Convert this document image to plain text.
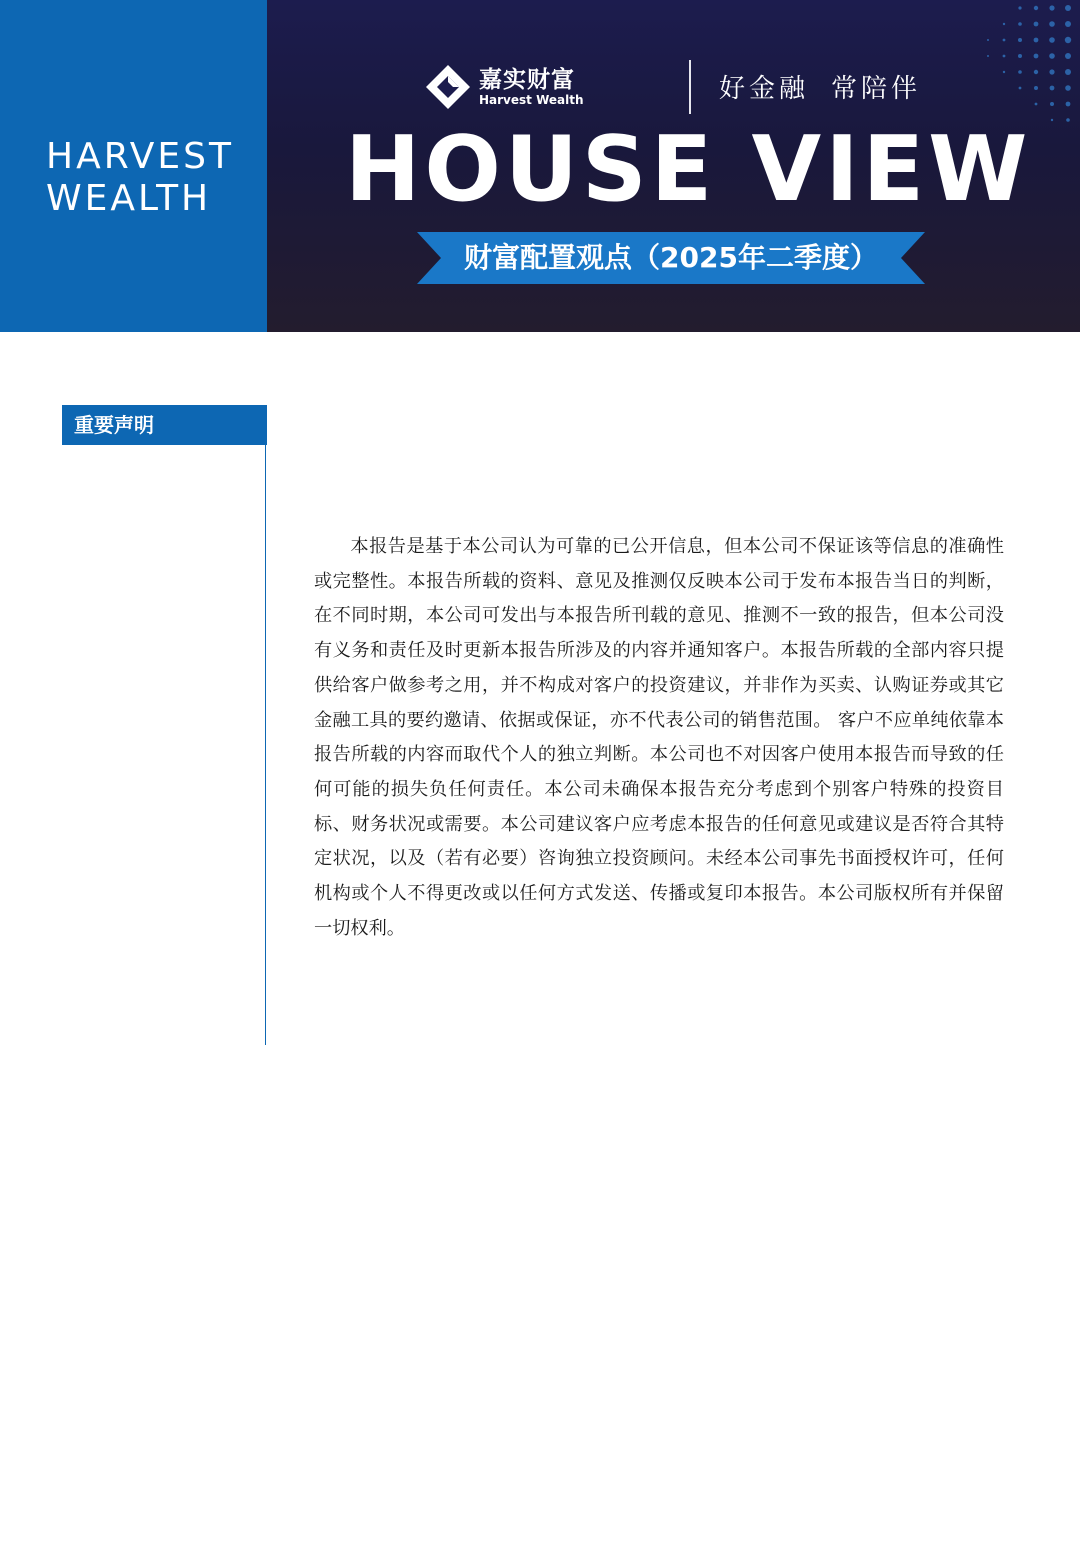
HARVEST WEALTH
嘉实财富
Harvest Wealth	好金融 常陪伴
HOUSE VIEW
财富配置观点（2025年二季度）
重要声明

本报告是基于本公司认为可靠的已公开信息，但本公司不保证该等信息的准确性或完整性。本报告所载的资料、意见及推测仅反映本公司于发布本报告当日的判断，在不同时期，本公司可发出与本报告所刊载的意见、推测不一致的报告，但本公司没有义务和责任及时更新本报告所涉及的内容并通知客户。本报告所载的全部内容只提供给客户做参考之用，并不构成对客户的投资建议，并非作为买卖、认购证券或其它金融工具的要约邀请、依据或保证，亦不代表公司的销售范围。 客户不应单纯依靠本报告所载的内容而取代个人的独立判断。本公司也不对因客户使用本报告而导致的任何可能的损失负任何责任。本公司未确保本报告充分考虑到个别客户特殊的投资目标、财务状况或需要。本公司建议客户应考虑本报告的任何意见或建议是否符合其特定状况，以及（若有必要）咨询独立投资顾问。未经本公司事先书面授权许可，任何机构或个人不得更改或以任何方式发送、传播或复印本报告。本公司版权所有并保留一切权利。
